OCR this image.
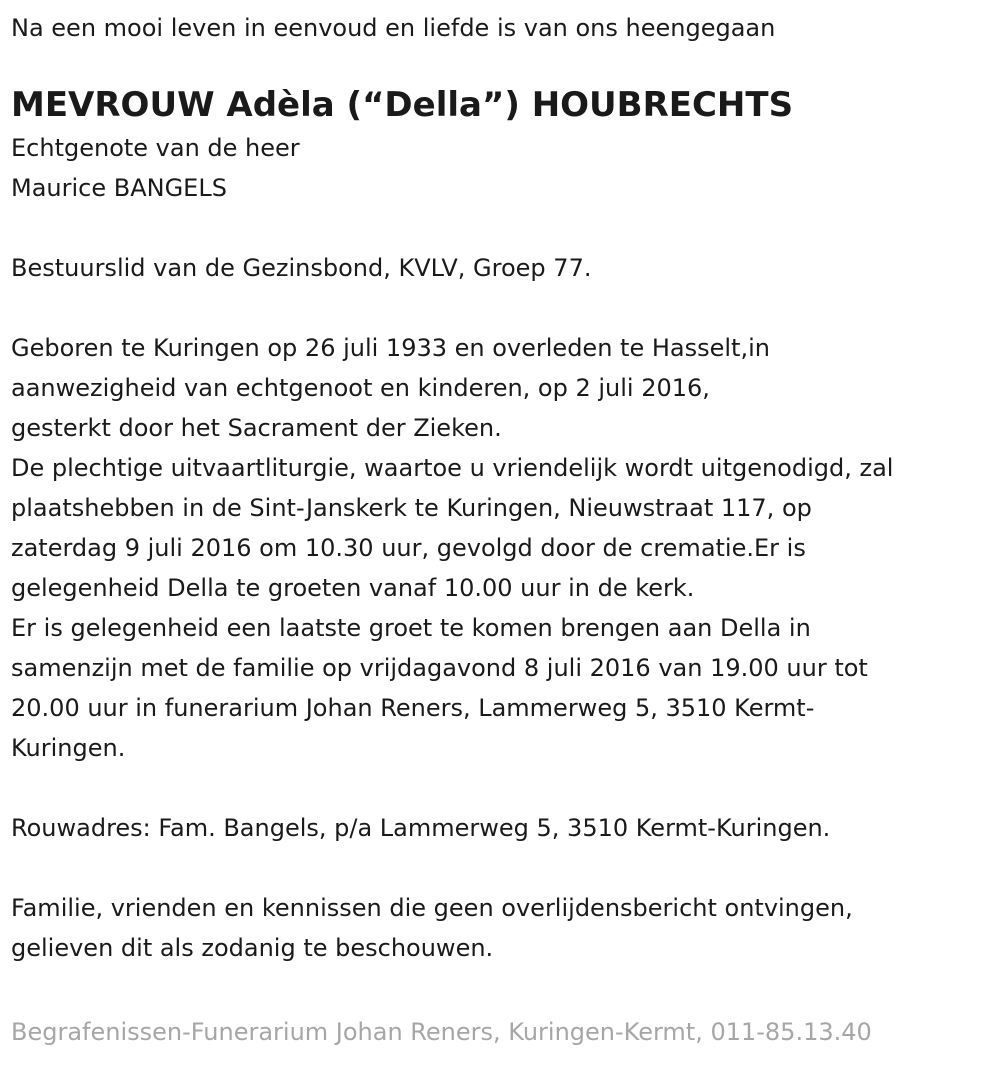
Na een mooi leven in eenvoud en liefde is van ons heengegaan
MEVROUW Adèla (“Della”) HOUBRECHTS
Echtgenote van de heer
Maurice BANGELS
Bestuurslid van de Gezinsbond, KVLV, Groep 77.
Geboren te Kuringen op 26 juli 1933 en overleden te Hasselt,in
aanwezigheid van echtgenoot en kinderen, op 2 juli 2016,
gesterkt door het Sacrament der Zieken.
De plechtige uitvaartliturgie, waartoe u vriendelijk wordt uitgenodigd, zal
plaatshebben in de Sint-Janskerk te Kuringen, Nieuwstraat 117, op
zaterdag 9 juli 2016 om 10.30 uur, gevolgd door de crematie.Er is
gelegenheid Della te groeten vanaf 10.00 uur in de kerk.
Er is gelegenheid een laatste groet te komen brengen aan Della in
samenzijn met de familie op vrijdagavond 8 juli 2016 van 19.00 uur tot
20.00 uur in funerarium Johan Reners, Lammerweg 5, 3510 Kermt-
Kuringen.
Rouwadres: Fam. Bangels, p/a Lammerweg 5, 3510 Kermt-Kuringen.
Familie, vrienden en kennissen die geen overlijdensbericht ontvingen,
gelieven dit als zodanig te beschouwen.
Begrafenissen-Funerarium Johan Reners, Kuringen-Kermt, 011-85.13.40
